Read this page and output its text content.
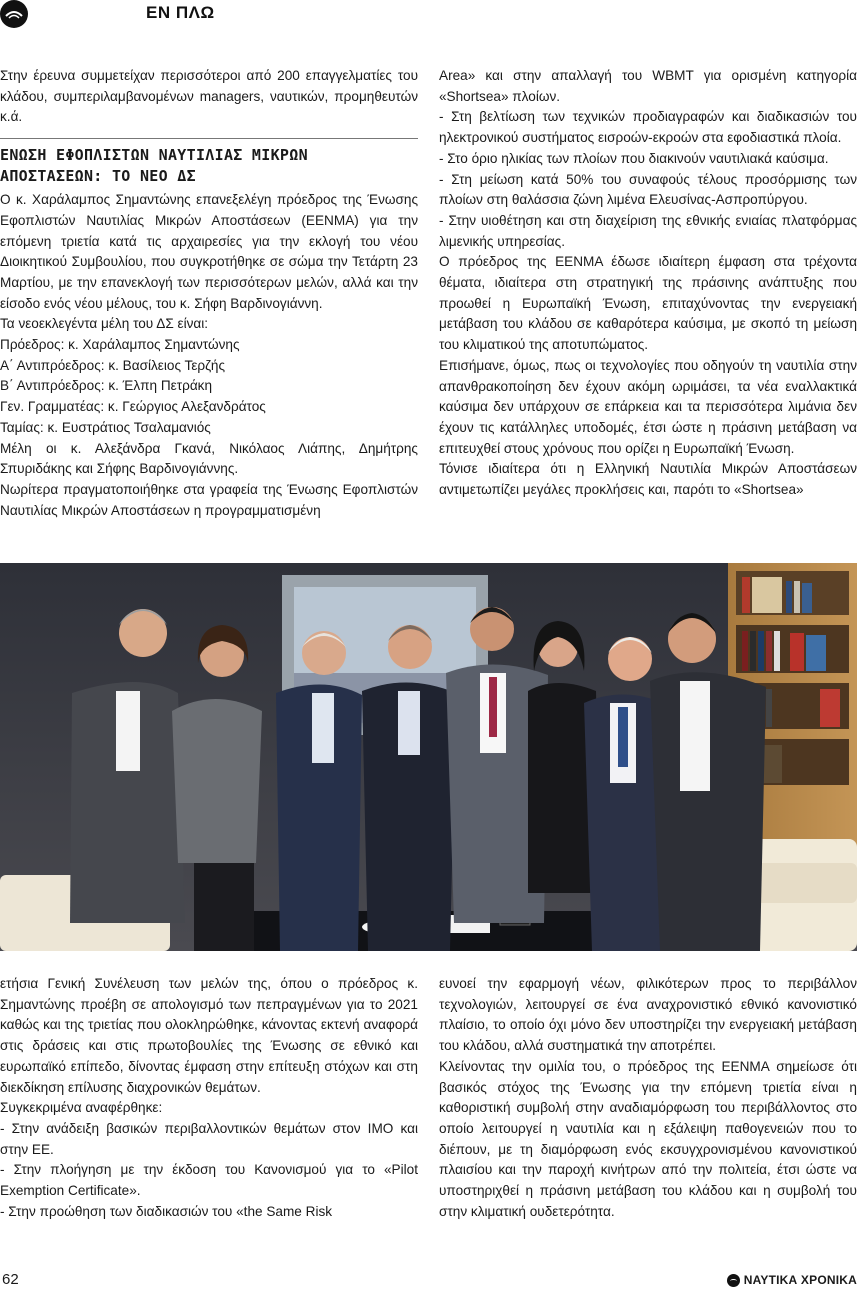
ΕΝ ΠΛΩ

Στην έρευνα συμμετείχαν περισσότεροι από 200 επαγγελματίες του κλάδου, συμπεριλαμβανομένων managers, ναυτικών, προμηθευτών κ.ά.

ΕΝΩΣΗ ΕΦΟΠΛΙΣΤΩΝ ΝΑΥΤΙΛΙΑΣ ΜΙΚΡΩΝ
ΑΠΟΣΤΑΣΕΩΝ: ΤΟ ΝΕΟ ΔΣ

Ο κ. Χαράλαμπος Σημαντώνης επανεξελέγη πρόεδρος της Ένωσης Εφοπλιστών Ναυτιλίας Μικρών Αποστάσεων (ΕΕΝΜΑ) για την επόμενη τριετία κατά τις αρχαιρεσίες για την εκλογή του νέου Διοικητικού Συμβουλίου, που συγκροτήθηκε σε σώμα την Τετάρτη 23 Μαρτίου, με την επανεκλογή των περισσότερων μελών, αλλά και την είσοδο ενός νέου μέλους, του κ. Σήφη Βαρδινογιάννη.

Τα νεοεκλεγέντα μέλη του ΔΣ είναι:

Πρόεδρος: κ. Χαράλαμπος Σημαντώνης

Α΄ Αντιπρόεδρος: κ. Βασίλειος Τερζής

Β΄ Αντιπρόεδρος: κ. Έλπη Πετράκη

Γεν. Γραμματέας: κ. Γεώργιος Αλεξανδράτος

Ταμίας: κ. Ευστράτιος Τσαλαμανιός

Μέλη οι κ. Αλεξάνδρα Γκανά, Νικόλαος Λιάπης, Δημήτρης Σπυριδάκης και Σήφης Βαρδινογιάννης.

Νωρίτερα πραγματοποιήθηκε στα γραφεία της Ένωσης Εφοπλιστών Ναυτιλίας Μικρών Αποστάσεων η προγραμματισμένη

Area» και στην απαλλαγή του WBMT για ορισμένη κατηγορία «Shortsea» πλοίων.

- Στη βελτίωση των τεχνικών προδιαγραφών και διαδικασιών του ηλεκτρονικού συστήματος εισροών-εκροών στα εφοδιαστικά πλοία.

- Στο όριο ηλικίας των πλοίων που διακινούν ναυτιλιακά καύσιμα.

- Στη μείωση κατά 50% του συναφούς τέλους προσόρμισης των πλοίων στη θαλάσσια ζώνη λιμένα Ελευσίνας-Ασπροπύργου.

- Στην υιοθέτηση και στη διαχείριση της εθνικής ενιαίας πλατφόρμας λιμενικής υπηρεσίας.

Ο πρόεδρος της ΕΕΝΜΑ έδωσε ιδιαίτερη έμφαση στα τρέχοντα θέματα, ιδιαίτερα στη στρατηγική της πράσινης ανάπτυξης που προωθεί η Ευρωπαϊκή Ένωση, επιταχύνοντας την ενεργειακή μετάβαση του κλάδου σε καθαρότερα καύσιμα, με σκοπό τη μείωση του κλιματικού της αποτυπώματος.

Επισήμανε, όμως, πως οι τεχνολογίες που οδηγούν τη ναυτιλία στην απανθρακοποίηση δεν έχουν ακόμη ωριμάσει, τα νέα εναλλακτικά καύσιμα δεν υπάρχουν σε επάρκεια και τα περισσότερα λιμάνια δεν έχουν τις κατάλληλες υποδομές, έτσι ώστε η πράσινη μετάβαση να επιτευχθεί στους χρόνους που ορίζει η Ευρωπαϊκή Ένωση.

Τόνισε ιδιαίτερα ότι η Ελληνική Ναυτιλία Μικρών Αποστάσεων αντιμετωπίζει μεγάλες προκλήσεις και, παρότι το «Shortsea»

ετήσια Γενική Συνέλευση των μελών της, όπου ο πρόεδρος κ. Σημαντώνης προέβη σε απολογισμό των πεπραγμένων για το 2021 καθώς και της τριετίας που ολοκληρώθηκε, κάνοντας εκτενή αναφορά στις δράσεις και στις πρωτοβουλίες της Ένωσης σε εθνικό και ευρωπαϊκό επίπεδο, δίνοντας έμφαση στην επίτευξη στόχων και στη διεκδίκηση επίλυσης διαχρονικών θεμάτων.

Συγκεκριμένα αναφέρθηκε:

- Στην ανάδειξη βασικών περιβαλλοντικών θεμάτων στον ΙΜΟ και στην ΕΕ.

- Στην πλοήγηση με την έκδοση του Κανονισμού για το «Pilot Exemption Certificate».

- Στην προώθηση των διαδικασιών του «the Same Risk

ευνοεί την εφαρμογή νέων, φιλικότερων προς το περιβάλλον τεχνολογιών, λειτουργεί σε ένα αναχρονιστικό εθνικό κανονιστικό πλαίσιο, το οποίο όχι μόνο δεν υποστηρίζει την ενεργειακή μετάβαση του κλάδου, αλλά συστηματικά την αποτρέπει.

Κλείνοντας την ομιλία του, ο πρόεδρος της ΕΕΝΜΑ σημείωσε ότι βασικός στόχος της Ένωσης για την επόμενη τριετία είναι η καθοριστική συμβολή στην αναδιαμόρφωση του περιβάλλοντος στο οποίο λειτουργεί η ναυτιλία και η εξάλειψη παθογενειών που το διέπουν, με τη διαμόρφωση ενός εκσυγχρονισμένου κανονιστικού πλαισίου και την παροχή κινήτρων από την πολιτεία, έτσι ώστε να υποστηριχθεί η πράσινη μετάβαση του κλάδου και η συμβολή του στην κλιματική ουδετερότητα.

62	ΝΑΥΤΙΚΑ ΧΡΟΝΙΚΑ
